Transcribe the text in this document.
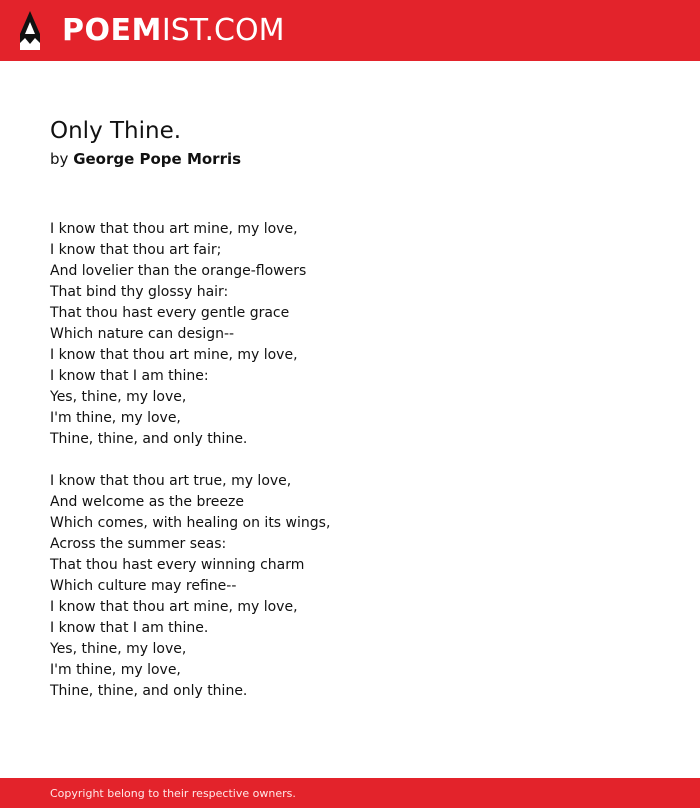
POEMIST.COM
Only Thine.
by George Pope Morris
I know that thou art mine, my love,
I know that thou art fair;
And lovelier than the orange-flowers
That bind thy glossy hair:
That thou hast every gentle grace
Which nature can design--
I know that thou art mine, my love,
I know that I am thine:
Yes, thine, my love,
I'm thine, my love,
Thine, thine, and only thine.
I know that thou art true, my love,
And welcome as the breeze
Which comes, with healing on its wings,
Across the summer seas:
That thou hast every winning charm
Which culture may refine--
I know that thou art mine, my love,
I know that I am thine.
Yes, thine, my love,
I'm thine, my love,
Thine, thine, and only thine.
Copyright belong to their respective owners.
